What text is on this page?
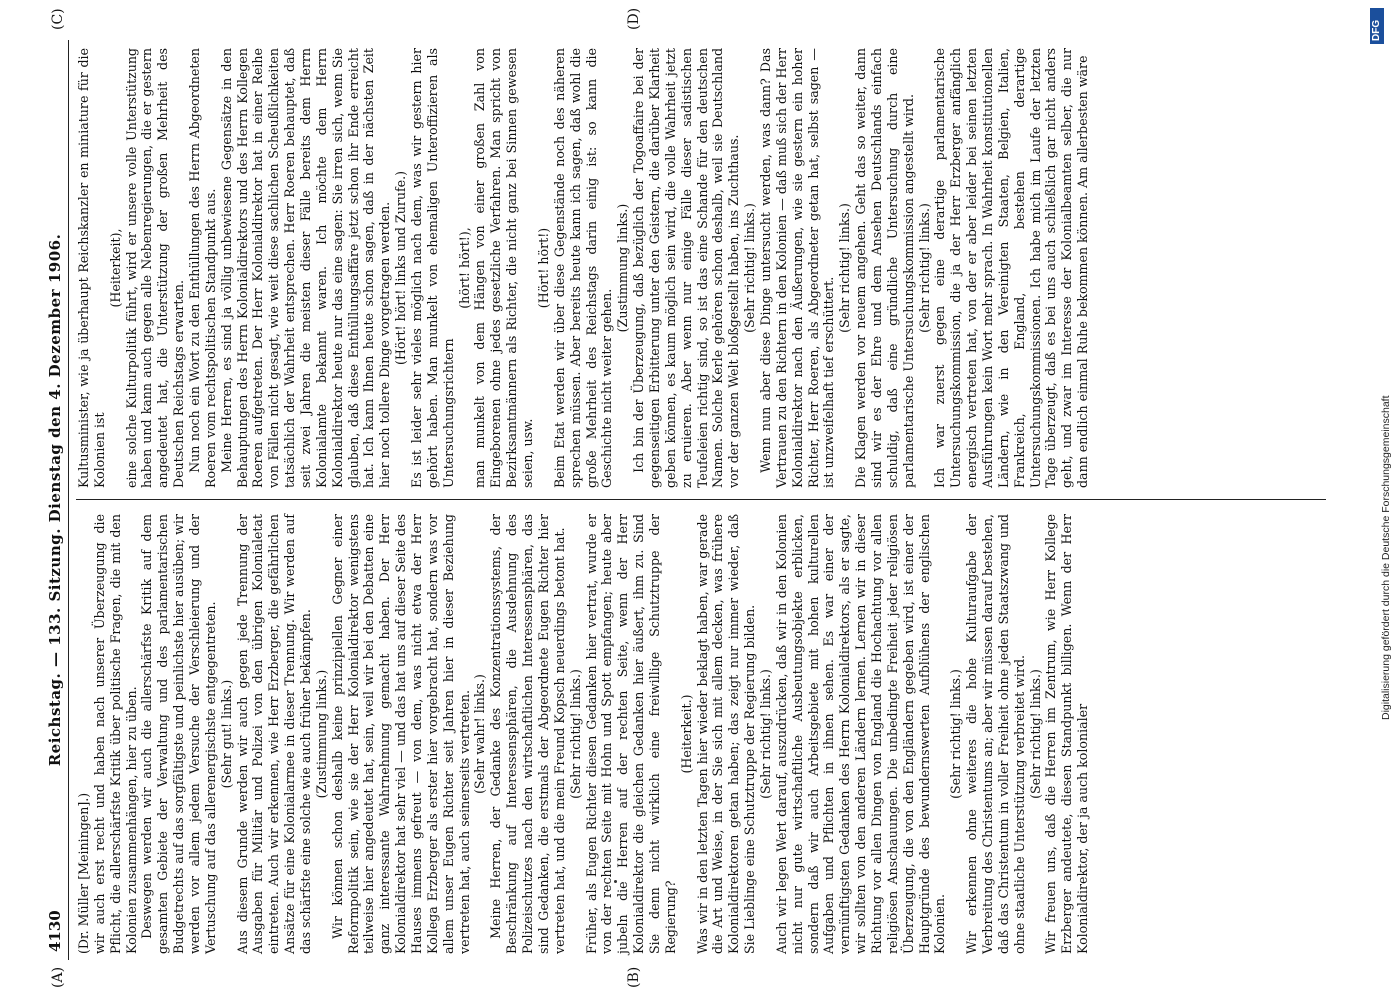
DFG
Digitalisierung gefördert durch die Deutsche Forschungsgemeinschaft
4130
Reichstag. — 133. Sitzung. Dienstag den 4. Dezember 1906.
(A)	(B)
(C)	(D)

(Dr. Müller [Meiningen].) wir auch erst recht und haben nach unserer Überzeugung die Pflicht, die allerschärfste Kritik über politische Fragen, die mit den Kolonien zusammenhängen, hier zu üben. Deswegen werden wir auch die allerschärfste Kritik auf dem gesamten Gebiete der Verwaltung und des parlamentarischen Budgetrechts auf das sorgfältigste und peinlichste hier ausüben; wir werden vor allem jedem Versuche der Verschleierung und der Vertuschung auf das allerenergischste entgegentreten. (Sehr gut! links.) Aus diesem Grunde werden wir auch gegen jede Trennung der Ausgaben für Militär und Polizei von den übrigen Kolonialetat eintreten. Auch wir erkennen, wie Herr Erzberger, die gefährlichen Ansätze für eine Kolonialarmee in dieser Trennung. Wir werden auf das schärfste eine solche wie auch früher bekämpfen. (Zustimmung links.) Wir können schon deshalb keine prinzipiellen Gegner einer Reformpolitik sein, wie sie der Herr Kolonialdirektor wenigstens teilweise hier angedeutet hat, sein, weil wir bei den Debatten eine ganz interessante Wahrnehmung gemacht haben. Der Herr Kolonialdirektor hat sehr viel — und das hat uns auf dieser Seite des Hauses immens gefreut — von dem, was nicht etwa der Herr Kollega Erzberger als erster hier vorgebracht hat, sondern was vor allem unser Eugen Richter seit Jahren hier in dieser Beziehung vertreten hat, auch seinerseits vertreten. (Sehr wahr! links.) Meine Herren, der Gedanke des Konzentrationssystems, der Beschränkung auf Interessensphären, die Ausdehnung des Polizeischutzes nach den wirtschaftlichen Interessensphären, das sind Gedanken, die erstmals der Abgeordnete Eugen Richter hier vertreten hat, und die mein Freund Kopsch neuerdings betont hat. (Sehr richtig! links.) Früher, als Eugen Richter diesen Gedanken hier vertrat, wurde er von der rechten Seite mit Hohn und Spott empfangen; heute aber jubeln die Herren auf der rechten Seite, wenn der Herr Kolonialdirektor die gleichen Gedanken hier äußert, ihm zu. Sind Sie denn nicht wirklich eine freiwillige Schutztruppe der Regierung?

(Heiterkeit.) Was wir in den letzten Tagen hier wieder beklagt haben, war gerade die Art und Weise, in der Sie sich mit allem decken, was frühere Kolonialdirektoren getan haben; das zeigt nur immer wieder, daß Sie Lieblinge eine Schutztruppe der Regierung bilden. (Sehr richtig! links.) Auch wir legen Wert darauf, auszudrücken, daß wir in den Kolonien nicht nur gute wirtschaftliche Ausbeutungsobjekte erblicken, sondern daß wir auch Arbeitsgebiete mit hohen kulturellen Aufgaben und Pflichten in ihnen sehen. Es war einer der vernünftigsten Gedanken des Herrn Kolonialdirektors, als er sagte, wir sollten von den anderen Ländern lernen. Lernen wir in dieser Richtung vor allen Dingen von England die Hochachtung vor allen religiösen Anschauungen. Die unbedingte Freiheit jeder religiösen Überzeugung, die von den Engländern gegeben wird, ist einer der Hauptgründe des bewundernswerten Aufblühens der englischen Kolonien.

(Sehr richtig! links.) Wir erkennen ohne weiteres die hohe Kulturaufgabe der Verbreitung des Christentums an; aber wir müssen darauf bestehen, daß das Christentum in voller Freiheit ohne jeden Staatszwang und ohne staatliche Unterstützung verbreitet wird. (Sehr richtig! links.) Wir freuen uns, daß die Herren im Zentrum, wie Herr Kollege Erzberger andeutete, diesen Standpunkt billigen. Wenn der Herr Kolonialdirektor, der ja auch kolonialer

Kultusminister, wie ja überhaupt Reichskanzler en miniature für die Kolonien ist

(Heiterkeit), eine solche Kulturpolitik führt, wird er unsere volle Unterstützung haben und kann auch gegen alle Nebenregierungen, die er gestern angedeutet hat, die Unterstützung der großen Mehrheit des Deutschen Reichstags erwarten. Nun noch ein Wort zu den Enthüllungen des Herrn Abgeordneten Roeren vom rechtspolitischen Standpunkt aus. Meine Herren, es sind ja völlig unbewiesene Gegensätze in den Behauptungen des Herrn Kolonialdirektors und des Herrn Kollegen Roeren aufgetreten. Der Herr Kolonialdirektor hat in einer Reihe von Fällen nicht gesagt, wie weit diese sachlichen Scheußlichkeiten tatsächlich der Wahrheit entsprechen. Herr Roeren behauptet, daß seit zwei Jahren die meisten dieser Fälle bereits dem Herrn Kolonialamte bekannt waren. Ich möchte dem Herrn Kolonialdirektor heute nur das eine sagen: Sie irren sich, wenn Sie glauben, daß diese Enthüllungsaffäre jetzt schon ihr Ende erreicht hat. Ich kann Ihnen heute schon sagen, daß in der nächsten Zeit hier noch tollere Dinge vorgetragen werden. (Hört! hört! links und Zurufe.) Es ist leider sehr vieles möglich nach dem, was wir gestern hier gehört haben. Man munkelt von ehemaligen Unteroffizieren als Untersuchungsrichtern

(hört! hört!), man munkelt von dem Hängen von einer großen Zahl von Eingeborenen ohne jedes gesetzliche Verfahren. Man spricht von Bezirksamtmännern als Richter, die nicht ganz bei Sinnen gewesen seien, usw.

(Hört! hört!) Beim Etat werden wir über diese Gegenstände noch des näheren sprechen müssen. Aber bereits heute kann ich sagen, daß wohl die große Mehrheit des Reichstags darin einig ist: so kann die Geschichte nicht weiter gehen.

(Zustimmung links.) Ich bin der Überzeugung, daß bezüglich der Togoaffaire bei der gegenseitigen Erbitterung unter den Geistern, die darüber Klarheit geben können, es kaum möglich sein wird, die volle Wahrheit jetzt zu eruieren. Aber wenn nur einige Fälle dieser sadistischen Teufeleien richtig sind, so ist das eine Schande für den deutschen Namen. Solche Kerle gehören schon deshalb, weil sie Deutschland vor der ganzen Welt bloßgestellt haben, ins Zuchthaus. (Sehr richtig! links.) Wenn nun aber diese Dinge untersucht werden, was dann? Das Vertrauen zu den Richtern in den Kolonien — daß muß sich der Herr Kolonialdirektor nach den Äußerungen, wie sie gestern ein hoher Richter, Herr Roeren, als Abgeordneter getan hat, selbst sagen — ist unzweifelhaft tief erschüttert.

(Sehr richtig! links.) Die Klagen werden vor neuem angehen. Geht das so weiter, dann sind wir es der Ehre und dem Ansehen Deutschlands einfach schuldig, daß eine gründliche Untersuchung durch eine parlamentarische Untersuchungskommission angestellt wird. (Sehr richtig! links.) Ich war zuerst gegen eine derartige parlamentarische Untersuchungskommission, die ja der Herr Erzberger anfänglich energisch vertreten hat, von der er aber leider bei seinen letzten Ausführungen kein Wort mehr sprach. In Wahrheit konstitutionellen Ländern, wie in den Vereinigten Staaten, Belgien, Italien, Frankreich, England, bestehen derartige Untersuchungskommissionen. Ich habe mich im Laufe der letzten Tage überzeugt, daß es bei uns auch schließlich gar nicht anders geht, und zwar im Interesse der Kolonialbeamten selber, die nur dann endlich einmal Ruhe bekommen können. Am allerbesten wäre
